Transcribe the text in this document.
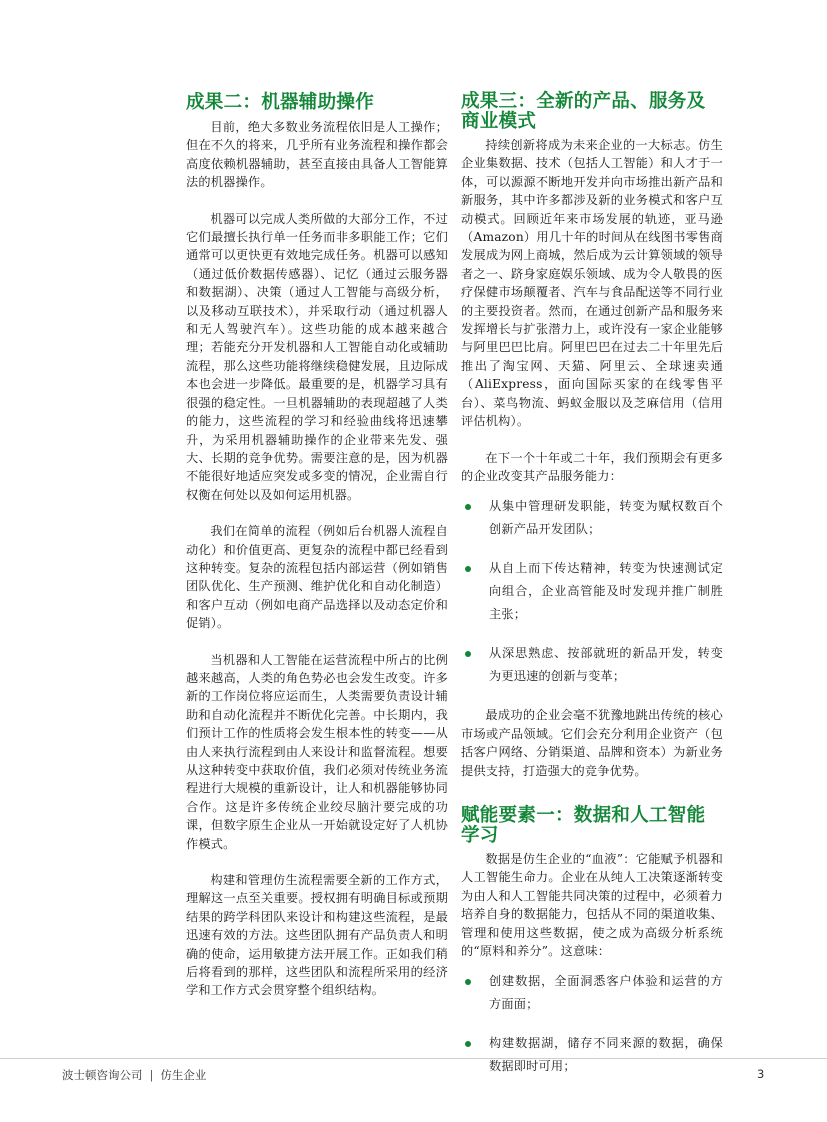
成果二：机器辅助操作

目前，绝大多数业务流程依旧是人工操作；但在不久的将来，几乎所有业务流程和操作都会高度依赖机器辅助，甚至直接由具备人工智能算法的机器操作。

机器可以完成人类所做的大部分工作，不过它们最擅长执行单一任务而非多职能工作；它们通常可以更快更有效地完成任务。机器可以感知（通过低价数据传感器）、记忆（通过云服务器和数据湖）、决策（通过人工智能与高级分析，以及移动互联技术），并采取行动（通过机器人和无人驾驶汽车）。这些功能的成本越来越合理；若能充分开发机器和人工智能自动化或辅助流程，那么这些功能将继续稳健发展，且边际成本也会进一步降低。最重要的是，机器学习具有很强的稳定性。一旦机器辅助的表现超越了人类的能力，这些流程的学习和经验曲线将迅速攀升，为采用机器辅助操作的企业带来先发、强大、长期的竞争优势。需要注意的是，因为机器不能很好地适应突发或多变的情况，企业需自行权衡在何处以及如何运用机器。

我们在简单的流程（例如后台机器人流程自动化）和价值更高、更复杂的流程中都已经看到这种转变。复杂的流程包括内部运营（例如销售团队优化、生产预测、维护优化和自动化制造）和客户互动（例如电商产品选择以及动态定价和促销）。

当机器和人工智能在运营流程中所占的比例越来越高，人类的角色势必也会发生改变。许多新的工作岗位将应运而生，人类需要负责设计辅助和自动化流程并不断优化完善。中长期内，我们预计工作的性质将会发生根本性的转变——从由人来执行流程到由人来设计和监督流程。想要从这种转变中获取价值，我们必须对传统业务流程进行大规模的重新设计，让人和机器能够协同合作。这是许多传统企业绞尽脑汁要完成的功课，但数字原生企业从一开始就设定好了人机协作模式。

构建和管理仿生流程需要全新的工作方式，理解这一点至关重要。授权拥有明确目标或预期结果的跨学科团队来设计和构建这些流程，是最迅速有效的方法。这些团队拥有产品负责人和明确的使命，运用敏捷方法开展工作。正如我们稍后将看到的那样，这些团队和流程所采用的经济学和工作方式会贯穿整个组织结构。

成果三：全新的产品、服务及商业模式

持续创新将成为未来企业的一大标志。仿生企业集数据、技术（包括人工智能）和人才于一体，可以源源不断地开发并向市场推出新产品和新服务，其中许多都涉及新的业务模式和客户互动模式。回顾近年来市场发展的轨迹，亚马逊（Amazon）用几十年的时间从在线图书零售商发展成为网上商城，然后成为云计算领域的领导者之一、跻身家庭娱乐领域、成为令人敬畏的医疗保健市场颠覆者、汽车与食品配送等不同行业的主要投资者。然而，在通过创新产品和服务来发挥增长与扩张潜力上，或许没有一家企业能够与阿里巴巴比肩。阿里巴巴在过去二十年里先后推出了淘宝网、天猫、阿里云、全球速卖通（AliExpress，面向国际买家的在线零售平台）、菜鸟物流、蚂蚁金服以及芝麻信用（信用评估机构）。

在下一个十年或二十年，我们预期会有更多的企业改变其产品服务能力：

从集中管理研发职能，转变为赋权数百个创新产品开发团队；
从自上而下传达精神，转变为快速测试定向组合，企业高管能及时发现并推广制胜主张；
从深思熟虑、按部就班的新品开发，转变为更迅速的创新与变革；

最成功的企业会毫不犹豫地跳出传统的核心市场或产品领域。它们会充分利用企业资产（包括客户网络、分销渠道、品牌和资本）为新业务提供支持，打造强大的竞争优势。

赋能要素一：数据和人工智能学习

数据是仿生企业的“血液”：它能赋予机器和人工智能生命力。企业在从纯人工决策逐渐转变为由人和人工智能共同决策的过程中，必须着力培养自身的数据能力，包括从不同的渠道收集、管理和使用这些数据，使之成为高级分析系统的“原料和养分”。这意味：

创建数据，全面洞悉客户体验和运营的方方面面；
构建数据湖，储存不同来源的数据，确保数据即时可用；
波士顿咨询公司 | 仿生企业	3
